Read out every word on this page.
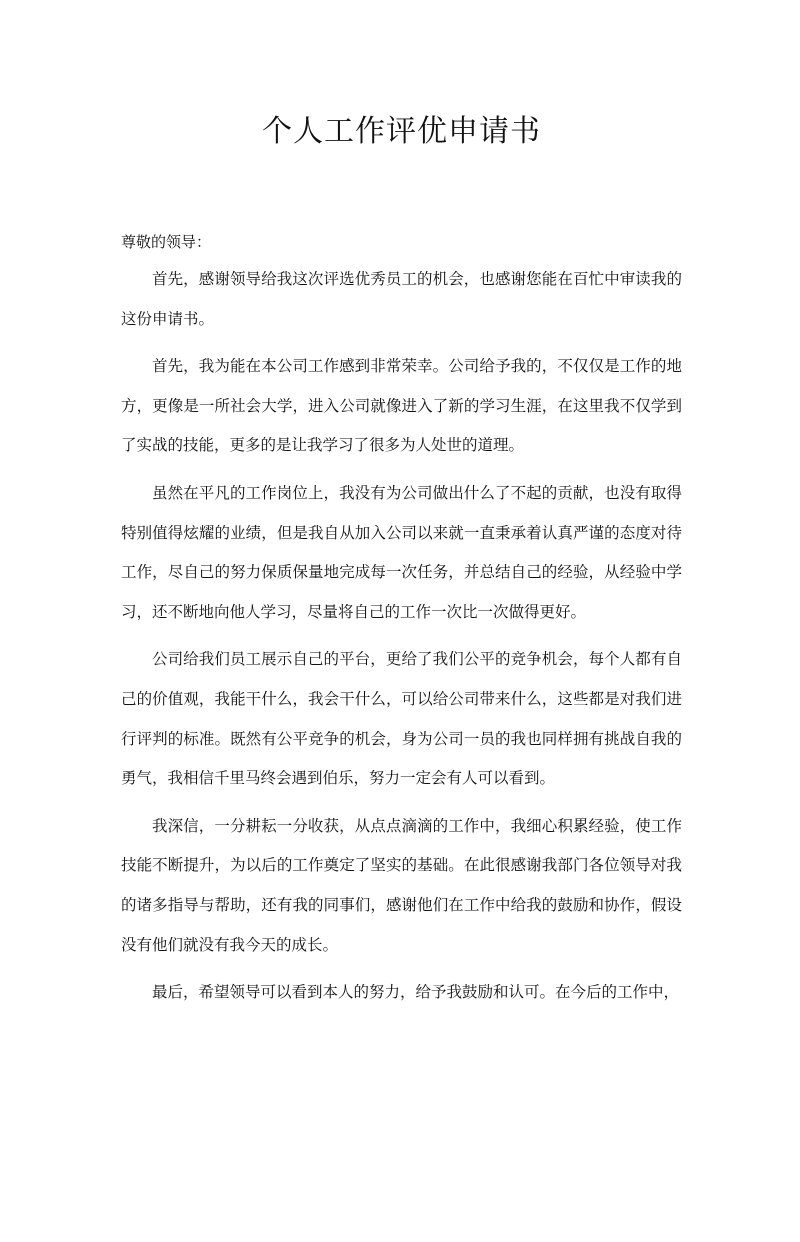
个人工作评优申请书

尊敬的领导：

首先，感谢领导给我这次评选优秀员工的机会，也感谢您能在百忙中审读我的这份申请书。

首先，我为能在本公司工作感到非常荣幸。公司给予我的，不仅仅是工作的地方，更像是一所社会大学，进入公司就像进入了新的学习生涯，在这里我不仅学到了实战的技能，更多的是让我学习了很多为人处世的道理。

虽然在平凡的工作岗位上，我没有为公司做出什么了不起的贡献，也没有取得特别值得炫耀的业绩，但是我自从加入公司以来就一直秉承着认真严谨的态度对待工作，尽自己的努力保质保量地完成每一次任务，并总结自己的经验，从经验中学习，还不断地向他人学习，尽量将自己的工作一次比一次做得更好。

公司给我们员工展示自己的平台，更给了我们公平的竞争机会，每个人都有自己的价值观，我能干什么，我会干什么，可以给公司带来什么，这些都是对我们进行评判的标准。既然有公平竞争的机会，身为公司一员的我也同样拥有挑战自我的勇气，我相信千里马终会遇到伯乐，努力一定会有人可以看到。

我深信，一分耕耘一分收获，从点点滴滴的工作中，我细心积累经验，使工作技能不断提升，为以后的工作奠定了坚实的基础。在此很感谢我部门各位领导对我的诸多指导与帮助，还有我的同事们，感谢他们在工作中给我的鼓励和协作，假设没有他们就没有我今天的成长。

最后，希望领导可以看到本人的努力，给予我鼓励和认可。在今后的工作中，
